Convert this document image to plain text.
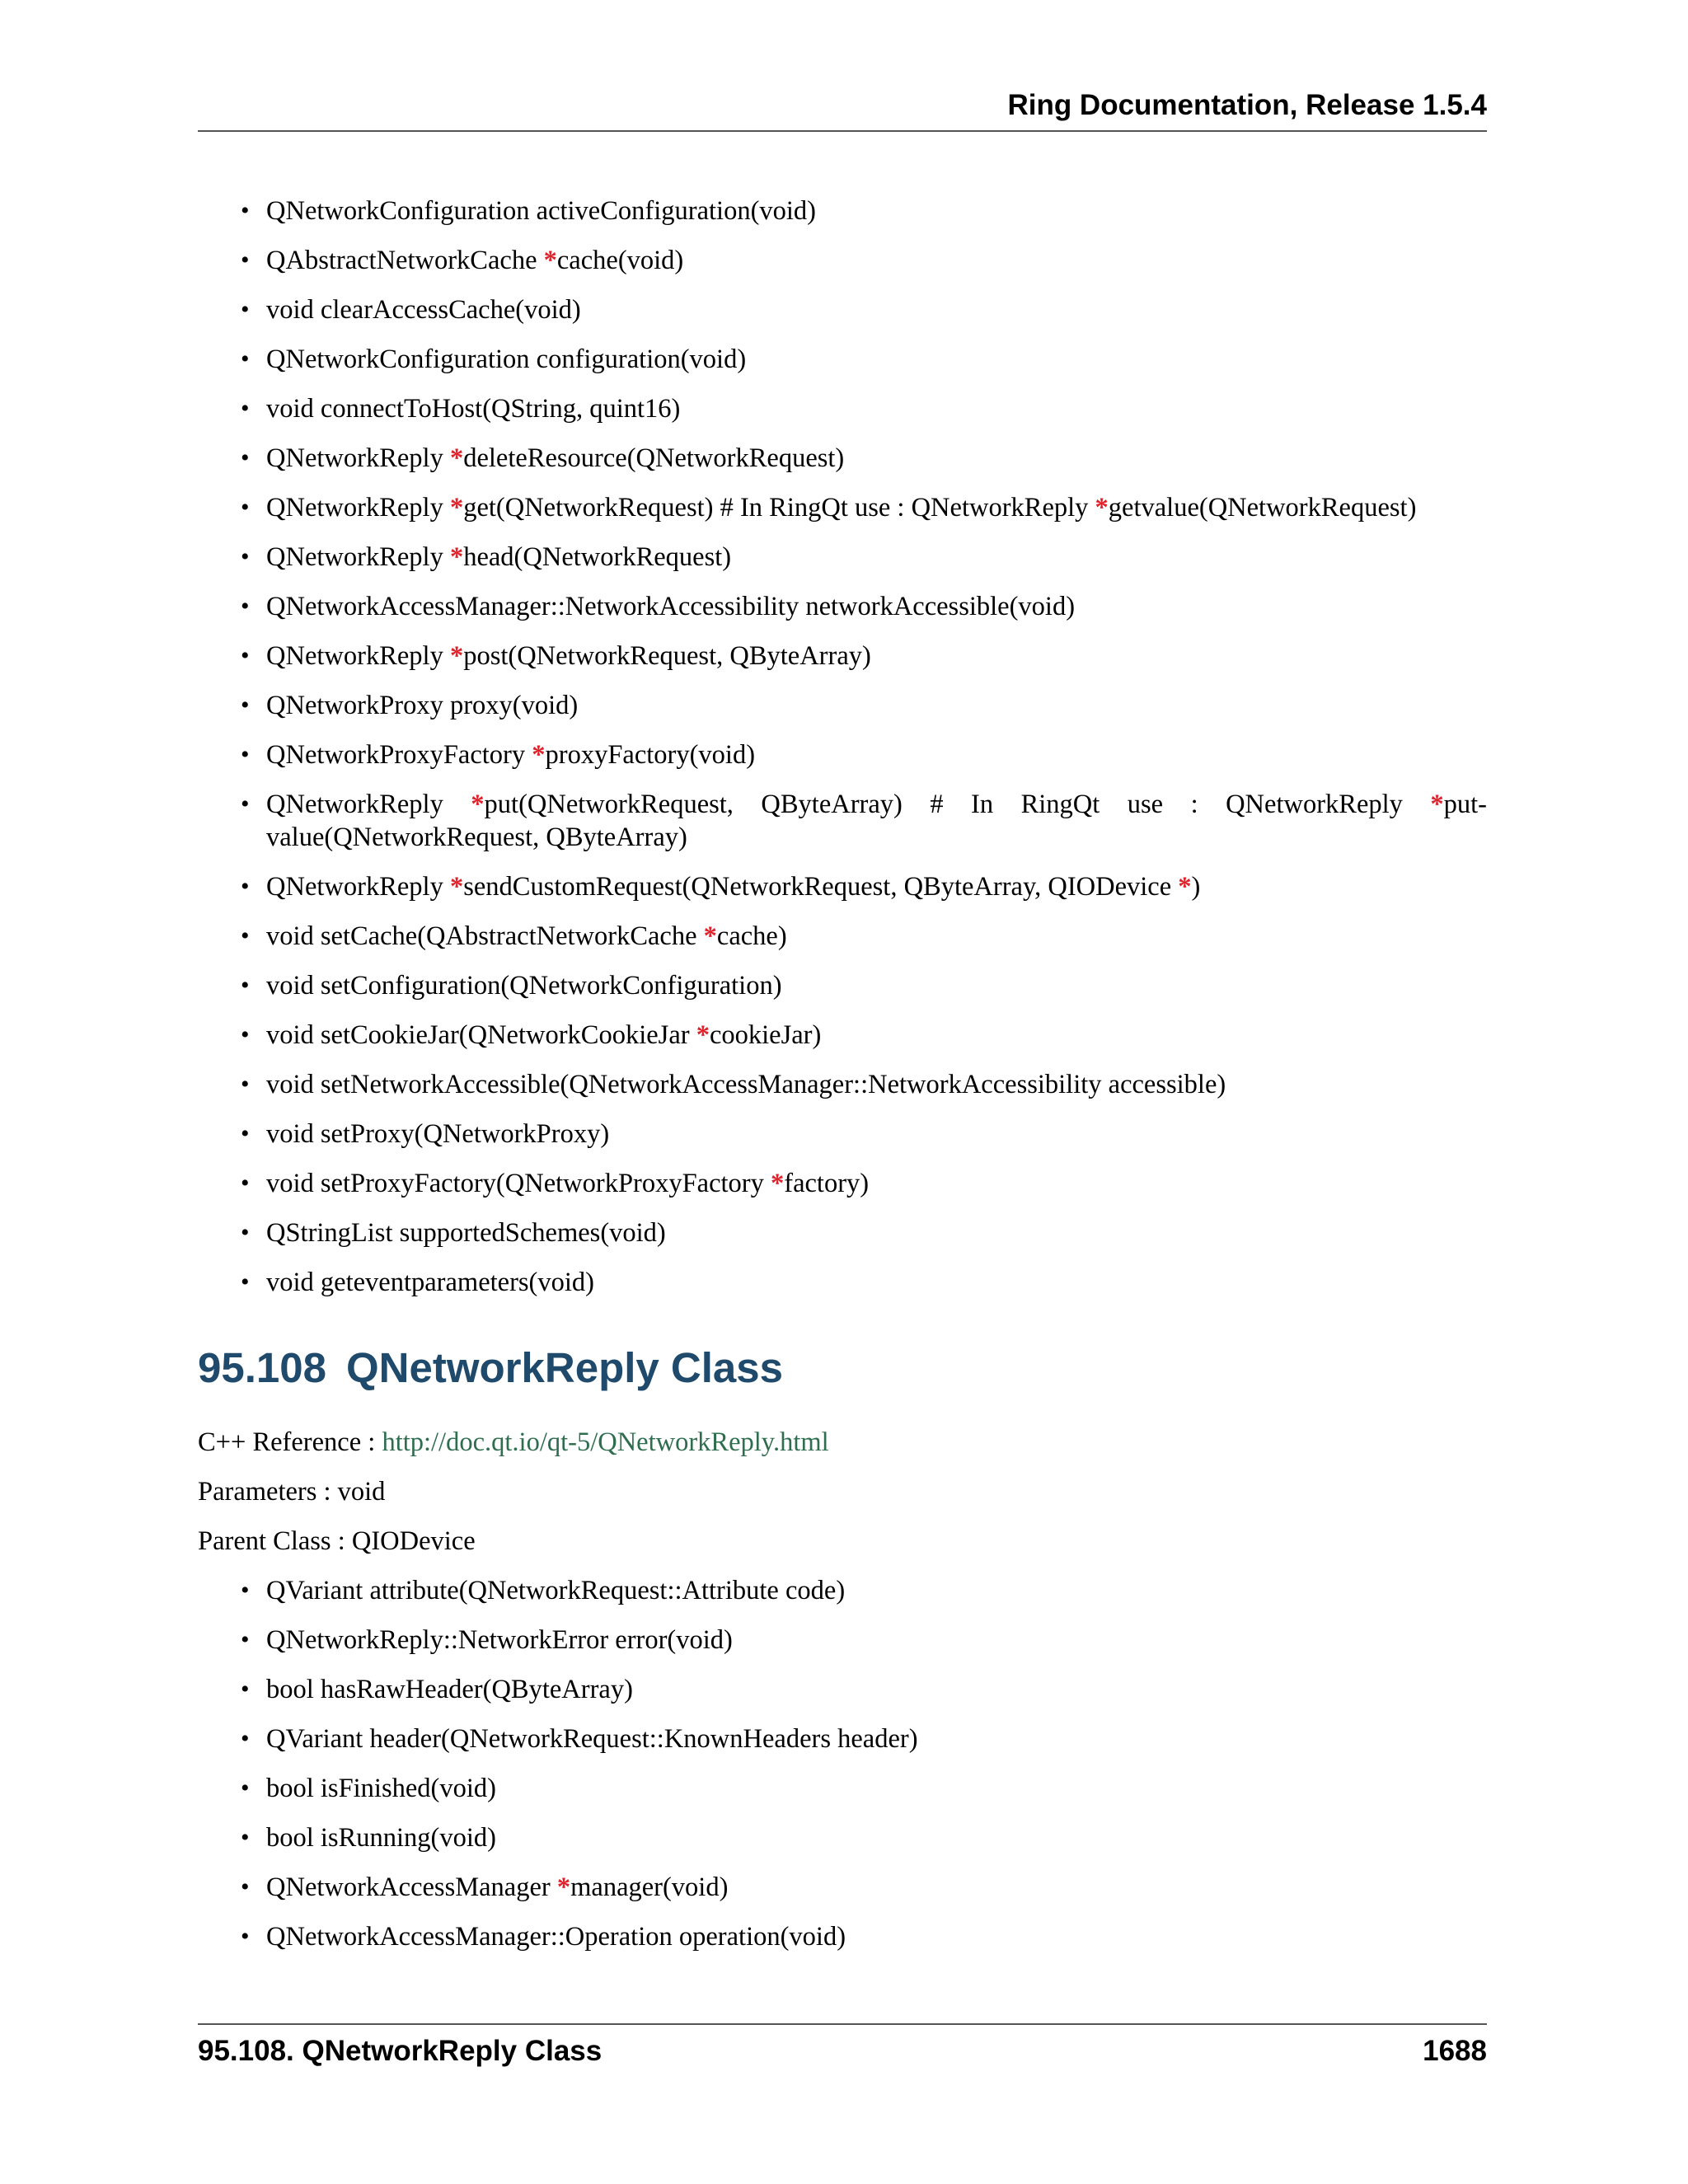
Ring Documentation, Release 1.5.4
• QNetworkConfiguration activeConfiguration(void)
• QAbstractNetworkCache *cache(void)
• void clearAccessCache(void)
• QNetworkConfiguration configuration(void)
• void connectToHost(QString, quint16)
• QNetworkReply *deleteResource(QNetworkRequest)
• QNetworkReply *get(QNetworkRequest) # In RingQt use : QNetworkReply *getvalue(QNetworkRequest)
• QNetworkReply *head(QNetworkRequest)
• QNetworkAccessManager::NetworkAccessibility networkAccessible(void)
• QNetworkReply *post(QNetworkRequest, QByteArray)
• QNetworkProxy proxy(void)
• QNetworkProxyFactory *proxyFactory(void)
• QNetworkReply *put(QNetworkRequest, QByteArray) # In RingQt use : QNetworkReply *put-value(QNetworkRequest, QByteArray)
• QNetworkReply *sendCustomRequest(QNetworkRequest, QByteArray, QIODevice *)
• void setCache(QAbstractNetworkCache *cache)
• void setConfiguration(QNetworkConfiguration)
• void setCookieJar(QNetworkCookieJar *cookieJar)
• void setNetworkAccessible(QNetworkAccessManager::NetworkAccessibility accessible)
• void setProxy(QNetworkProxy)
• void setProxyFactory(QNetworkProxyFactory *factory)
• QStringList supportedSchemes(void)
• void geteventparameters(void)
95.108 QNetworkReply Class
C++ Reference : http://doc.qt.io/qt-5/QNetworkReply.html
Parameters : void
Parent Class : QIODevice
• QVariant attribute(QNetworkRequest::Attribute code)
• QNetworkReply::NetworkError error(void)
• bool hasRawHeader(QByteArray)
• QVariant header(QNetworkRequest::KnownHeaders header)
• bool isFinished(void)
• bool isRunning(void)
• QNetworkAccessManager *manager(void)
• QNetworkAccessManager::Operation operation(void)
95.108. QNetworkReply Class	1688
